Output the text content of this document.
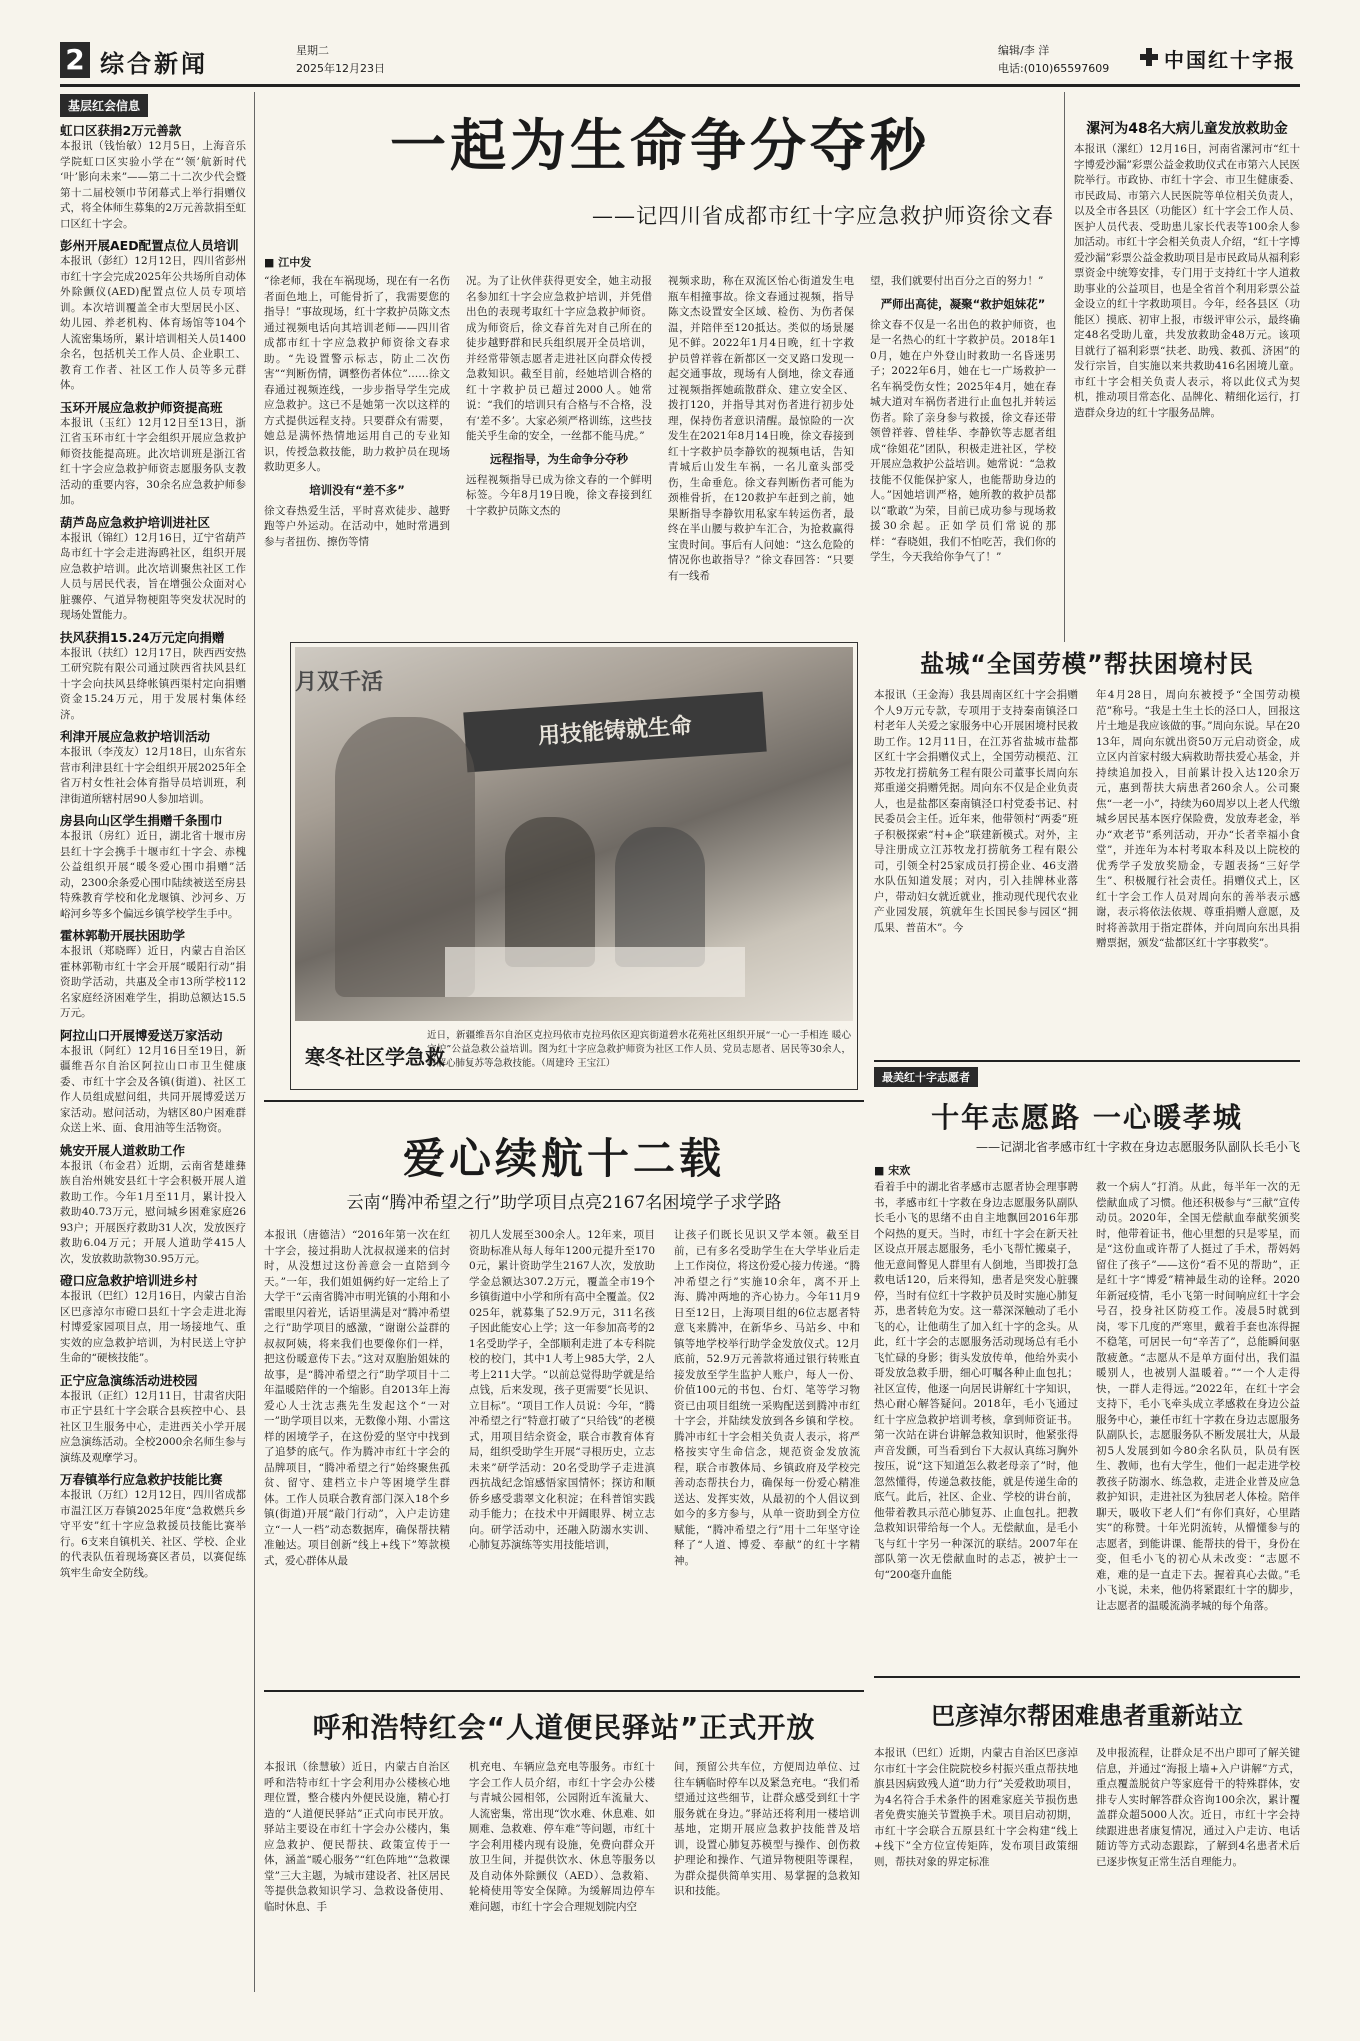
2 综合新闻	星期二
2025年12月23日
编辑/李 洋
电话:(010)65597609	中国红十字报
基层红会信息
虹口区获捐2万元善款
本报讯（钱怡敏）12月5日，上海音乐学院虹口区实验小学在“‘领’航新时代 ‘叶’影向未来”——第二十二次少代会暨第十二届校领巾节闭幕式上举行捐赠仪式，将全体师生募集的2万元善款捐至虹口区红十字会。
彭州开展AED配置点位人员培训
本报讯（彭红）12月12日，四川省彭州市红十字会完成2025年公共场所自动体外除颤仪(AED)配置点位人员专项培训。本次培训覆盖全市大型居民小区、幼儿园、养老机构、体育场馆等104个人流密集场所，累计培训相关人员1400余名，包括机关工作人员、企业职工、教育工作者、社区工作人员等多元群体。
玉环开展应急救护师资提高班
本报讯（玉红）12月12日至13日，浙江省玉环市红十字会组织开展应急救护师资技能提高班。此次培训班是浙江省红十字会应急救护师资志愿服务队支教活动的重要内容，30余名应急救护师参加。
葫芦岛应急救护培训进社区
本报讯（锦红）12月16日，辽宁省葫芦岛市红十字会走进海鸥社区，组织开展应急救护培训。此次培训聚焦社区工作人员与居民代表，旨在增强公众面对心脏骤停、气道异物梗阻等突发状况时的现场处置能力。
扶风获捐15.24万元定向捐赠
本报讯（扶红）12月17日，陕西西安热工研究院有限公司通过陕西省扶风县红十字会向扶风县绛帐镇西渠村定向捐赠资金15.24万元，用于发展村集体经济。
利津开展应急救护培训活动
本报讯（李茂友）12月18日，山东省东营市利津县红十字会组织开展2025年全省万村女性社会体育指导员培训班，利津街道所辖村居90人参加培训。
房县向山区学生捐赠千条围巾
本报讯（房红）近日，湖北省十堰市房县红十字会携手十堰市红十字会、赤槐公益组织开展“暖冬爱心围巾捐赠”活动，2300余条爱心围巾陆续被送至房县特殊教育学校和化龙堰镇、沙河乡、万峪河乡等多个偏远乡镇学校学生手中。
霍林郭勒开展扶困助学
本报讯（郑晓晖）近日，内蒙古自治区霍林郭勒市红十字会开展“暖阳行动”捐资助学活动，共惠及全市13所学校112名家庭经济困难学生，捐助总额达15.5万元。
阿拉山口开展博爱送万家活动
本报讯（阿红）12月16日至19日，新疆维吾尔自治区阿拉山口市卫生健康委、市红十字会及各镇(街道)、社区工作人员组成慰问组，共同开展博爱送万家活动。慰问活动，为辖区80户困难群众送上米、面、食用油等生活物资。
姚安开展人道救助工作
本报讯（布金君）近期，云南省楚雄彝族自治州姚安县红十字会积极开展人道救助工作。今年1月至11月，累计投入救助40.73万元，慰问城乡困难家庭2693户；开展医疗救助31人次，发放医疗救助6.04万元；开展人道助学415人次，发放救助款物30.95万元。
磴口应急救护培训进乡村
本报讯（巴红）12月16日，内蒙古自治区巴彦淖尔市磴口县红十字会走进北海村博爱家园项目点，用一场接地气、重实效的应急救护培训，为村民送上守护生命的“硬核技能”。
正宁应急演练活动进校园
本报讯（正红）12月11日，甘肃省庆阳市正宁县红十字会联合县疾控中心、县社区卫生服务中心，走进西关小学开展应急演练活动。全校2000余名师生参与演练及观摩学习。
万春镇举行应急救护技能比赛
本报讯（万红）12月12日，四川省成都市温江区万春镇2025年度“急救燃兵乡守平安”红十字应急救援员技能比赛举行。6支来自镇机关、社区、学校、企业的代表队伍着现场赛区者员，以赛促练筑牢生命安全防线。
一起为生命争分夺秒
——记四川省成都市红十字应急救护师资徐文春
■ 江中发
“徐老师，我在车祸现场，现在有一名伤者面色地上，可能骨折了，我需要您的指导！”事故现场，红十字救护员陈文杰通过视频电话向其培训老师——四川省成都市红十字应急救护师资徐文春求助。“先设置警示标志，防止二次伤害”“判断伤情，调整伤者体位”……徐文春通过视频连线，一步步指导学生完成应急救护。这已不是她第一次以这样的方式提供远程支持。只要群众有需要，她总是满怀热情地运用自己的专业知识，传授急救技能，助力救护员在现场救助更多人。
培训没有“差不多”
徐文春热爱生活，平时喜欢徒步、越野跑等户外运动。在活动中，她时常遇到参与者扭伤、擦伤等情
况。为了让伙伴获得更安全，她主动报名参加红十字会应急救护培训，并凭借出色的表现考取红十字应急救护师资。成为师资后，徐文春首先对自己所在的徒步越野群和民兵组织展开全员培训，并经常带领志愿者走进社区向群众传授急救知识。截至目前，经她培训合格的红十字救护员已超过2000人。她常说：“我们的培训只有合格与不合格，没有‘差不多’。大家必须严格训练，这些技能关乎生命的安全，一丝都不能马虎。”
远程指导，为生命争分夺秒
远程视频指导已成为徐文春的一个鲜明标签。今年8月19日晚，徐文春接到红十字救护员陈文杰的
视频求助，称在双流区怡心街道发生电瓶车相撞事故。徐文春通过视频，指导陈文杰设置安全区域、检伤、为伤者保温，并陪伴至120抵达。类似的场景屡见不鲜。2022年1月4日晚，红十字救护员曾祥蓉在新都区一交叉路口发现一起交通事故，现场有人倒地，徐文春通过视频指挥她疏散群众、建立安全区、拨打120，并指导其对伤者进行初步处理，保持伤者意识清醒。最惊险的一次发生在2021年8月14日晚，徐文春接到红十字救护员李静钦的视频电话，告知青城后山发生车祸，一名儿童头部受伤，生命垂危。徐文春判断伤者可能为颈椎骨折，在120救护车赶到之前，她果断指导李静钦用私家车转运伤者，最终在半山腰与救护车汇合，为抢救赢得宝贵时间。事后有人问她：“这么危险的情况你也敢指导？”徐文春回答：“只要有一线希
望，我们就要付出百分之百的努力！”
严师出高徒，凝聚“救护姐妹花”
徐文春不仅是一名出色的救护师资，也是一名热心的红十字救护员。2018年10月，她在户外登山时救助一名昏迷男子；2022年6月，她在七一广场救护一名车祸受伤女性；2025年4月，她在春城大道对车祸伤者进行止血包扎并转运伤者。除了亲身参与救援，徐文春还带领曾祥蓉、曾桂华、李静钦等志愿者组成“徐姐花”团队，积极走进社区，学校开展应急救护公益培训。她常说：“急救技能不仅能保护家人，也能帮助身边的人。”因她培训严格，她所教的救护员都以“歌敢”为荣，目前已成功参与现场救援30余起。正如学员们常说的那样：“春晓姐，我们不怕吃苦，我们你的学生，今天我给你争气了！”
漯河为48名大病儿童发放救助金
本报讯（漯红）12月16日，河南省漯河市“红十字博爱沙漏”彩票公益金救助仪式在市第六人民医院举行。市政协、市红十字会、市卫生健康委、市民政局、市第六人民医院等单位相关负责人，以及全市各县区（功能区）红十字会工作人员、医护人员代表、受助患儿家长代表等100余人参加活动。市红十字会相关负责人介绍，“红十字博爱沙漏”彩票公益金救助项目是市民政局从福利彩票资金中统筹安排，专门用于支持红十字人道救助事业的公益项目，也是全省首个利用彩票公益金设立的红十字救助项目。今年，经各县区（功能区）摸底、初审上报，市级评审公示，最终确定48名受助儿童，共发放救助金48万元。该项目就行了福利彩票“扶老、助残、救孤、济困”的发行宗旨，自实施以来共救助416名困境儿童。市红十字会相关负责人表示，将以此仪式为契机，推动项目常态化、品牌化、精细化运行，打造群众身边的红十字服务品牌。
用技能铸就生命
月双千活
寒冬社区学急救
近日，新疆维吾尔自治区克拉玛依市克拉玛依区迎宾街道碧水花苑社区组织开展“一心一手相连 暖心守护”公益急救公益培训。图为红十字应急救护师资为社区工作人员、党员志愿者、居民等30余人，讲解心肺复苏等急救技能。（周建玲 王宝江）
盐城“全国劳模”帮扶困境村民
本报讯（王金海）我县周南区红十字会捐赠个人9万元专款，专项用于支持秦南镇泾口村老年人关爱之家服务中心开展困境村民救助工作。12月11日，在江苏省盐城市盐都区红十字会捐赠仪式上，全国劳动模范、江苏牧龙打捞航务工程有限公司董事长周向东郑重递交捐赠凭据。周向东不仅是企业负责人，也是盐都区秦南镇泾口村党委书记、村民委员会主任。近年来，他带领村“两委”班子积极探索“村+企”联建新模式。对外，主导注册成立江苏牧龙打捞航务工程有限公司，引领全村25家成员打捞企业、46支潜水队伍知道发展；对内，引入挂牌林业落户，带动妇女就近就业，推动现代现代农业产业园发展，筑就年生长国民参与园区“拥瓜果、普苗木”。今
年4月28日，周向东被授予“全国劳动模范”称号。“我是土生土长的泾口人，回报这片土地是我应该做的事。”周向东说。早在2013年，周向东就出资50万元启动资金，成立区内首家村级大病救助帮扶爱心基金，并持续追加投入，目前累计投入达120余万元，惠到帮扶大病患者260余人。公司聚焦“一老一小”，持续为60周岁以上老人代缴城乡居民基本医疗保险费，发放寿老金，举办“欢老节”系列活动，开办“长者幸福小食堂”，并连年为本村考取本科及以上院校的优秀学子发放奖励金，专题表扬“三好学生”、积极履行社会责任。捐赠仪式上，区红十字会工作人员对周向东的善举表示感谢，表示将依法依规、尊重捐赠人意愿，及时将善款用于指定群体，并向周向东出具捐赠票据，颁发“盐都区红十字事救奖”。
最美红十字志愿者
十年志愿路 一心暖孝城
——记湖北省孝感市红十字救在身边志愿服务队副队长毛小飞
■ 宋欢
看着手中的湖北省孝感市志愿者协会理事聘书，孝感市红十字救在身边志愿服务队副队长毛小飞的思绪不由自主地飘回2016年那个闷热的夏天。当时，市红十字会在新天社区设点开展志愿服务，毛小飞帮忙搬桌子，他无意间瞥见人群里有人倒地，当即拨打急救电话120，后来得知，患者是突发心脏骤停，当时有位红十字救护员及时实施心肺复苏，患者转危为安。这一幕深深触动了毛小飞的心，让他萌生了加入红十字的念头。从此，红十字会的志愿服务活动现场总有毛小飞忙碌的身影；街头发放传单，他给外卖小哥发放急救手册，细心叮嘱各种止血包扎；社区宣传，他逐一向居民讲解红十字知识，热心耐心解答疑问。2018年，毛小飞通过红十字应急救护培训考核，拿到师资证书。第一次站在讲台讲解急救知识时，他紧张得声音发颤，可当看到台下大叔认真练习胸外按压，说“这下知道怎么救老母亲了”时，他忽然懂得，传递急救技能，就是传递生命的底气。此后，社区、企业、学校的讲台前，他带着教具示范心肺复苏、止血包扎。把教急救知识带给每一个人。无偿献血，是毛小飞与红十字另一种深沉的联结。2007年在部队第一次无偿献血时的忐忑，被护士一句“200毫升血能
救一个病人”打消。从此，每半年一次的无偿献血成了习惯。他还积极参与“三献”宣传动员。2020年，全国无偿献血奉献奖颁奖时，他带着证书，他心里想的只是零星，而是“这份血或许帮了人挺过了手术，帮妈妈留住了孩子”——这份“看不见的帮助”，正是红十字“博爱”精神最生动的诠释。2020年新冠疫情，毛小飞第一时间响应红十字会号召，投身社区防疫工作。凌晨5时就到岗，零下几度的严寒里，戴着手套也冻得握不稳笔，可居民一句“辛苦了”，总能瞬间驱散疲惫。“志愿从不是单方面付出，我们温暖别人，也被别人温暖着。”“一个人走得快，一群人走得远。”2022年，在红十字会支持下，毛小飞牵头成立孝感救在身边公益服务中心，兼任市红十字救在身边志愿服务队副队长，志愿服务队不断发展壮大，从最初5人发展到如今80余名队员，队员有医生、教师，也有大学生，他们一起走进学校教孩子防溺水、练急救，走进企业普及应急救护知识，走进社区为独居老人体检。陪伴聊天，吸收下老人们“有你们真好，心里踏实”的称赞。十年光阴流转，从懵懂参与的志愿者，到能讲课、能帮扶的骨干，身份在变，但毛小飞的初心从未改变：“志愿不难，难的是一直走下去。握着真心去做。”毛小飞说，未来，他仍将紧跟红十字的脚步，让志愿者的温暖流淌孝城的每个角落。
爱心续航十二载
云南“腾冲希望之行”助学项目点亮2167名困境学子求学路
本报讯（唐德洁）“2016年第一次在红十字会，接过捐助人沈叔叔递来的信封时，从没想过这份善意会一直陪到今天。”一年，我们姐姐俩约好一定给上了大学干“云南省腾冲市明光镇的小翔和小雷眼里闪着光，话语里满是对“腾冲希望之行”助学项目的感激，“谢谢公益群的叔叔阿姨，将来我们也要像你们一样，把这份暖意传下去。”这对双胞胎姐妹的故事，是“腾冲希望之行”助学项目十二年温暖陪伴的一个缩影。自2013年上海爱心人士沈志燕先生发起这个“一对一”助学项目以来，无数像小翔、小雷这样的困境学子，在这份爱的坚守中找到了追梦的底气。作为腾冲市红十字会的品牌项目，“腾冲希望之行”始终聚焦孤贫、留守、建档立卡户等困境学生群体。工作人员联合教育部门深入18个乡镇(街道)开展“敲门行动”，入户走访建立“一人一档”动态数据库，确保帮扶精准触达。项目创新“线上+线下”筹款模式，爱心群体从最
初几人发展至300余人。12年来，项目资助标准从每人每年1200元提升至1700元，累计资助学生2167人次，发放助学金总额达307.2万元，覆盖全市19个乡镇街道中小学和所有高中全覆盖。仅2025年，就募集了52.9万元，311名孩子因此能安心上学；这一年参加高考的21名受助学子，全部顺利走进了本专科院校的校门，其中1人考上985大学，2人考上211大学。“以前总觉得助学就是给点钱，后来发现，孩子更需要”长见识、立目标”。“项目工作人员说：今年，“腾冲希望之行”特意打破了“只给钱”的老模式，用项目结余资金，联合市教育体育局，组织受助学生开展“寻根历史，立志未来”研学活动：20名受助学子走进滇西抗战纪念馆感悟家国情怀；探访和顺侨乡感受翡翠文化积淀；在科普馆实践动手能力；在技术中开阔眼界、树立志向。研学活动中，还融入防溺水实训、心肺复苏演练等实用技能培训，
让孩子们既长见识又学本领。截至目前，已有多名受助学生在大学毕业后走上工作岗位，将这份爱心接力传递。“腾冲希望之行”实施10余年，离不开上海、腾冲两地的齐心协力。今年11月9日至12日，上海项目组的6位志愿者特意飞来腾冲，在新华乡、马站乡、中和镇等地学校举行助学金发放仪式。12月底前，52.9万元善款将通过银行转账直接发放至学生监护人账户，每人一份、价值100元的书包、台灯、笔等学习物资已由项目组统一采购配送到腾冲市红十字会，并陆续发放到各乡镇和学校。腾冲市红十字会相关负责人表示，将严格按实守生命信念，规范资金发放流程，联合市教体局、乡镇政府及学校完善动态帮扶台力，确保每一份爱心精准送达、发挥实效，从最初的个人倡议到如今的多方参与，从单一资助到全方位赋能，“腾冲希望之行”用十二年坚守诠释了“人道、博爱、奉献”的红十字精神。
呼和浩特红会“人道便民驿站”正式开放
本报讯（徐慧敏）近日，内蒙古自治区呼和浩特市红十字会利用办公楼核心地理位置，整合楼内外便民设施，精心打造的“人道便民驿站”正式向市民开放。驿站主要设在市红十字会办公楼内，集应急救护、便民帮扶、政策宣传于一体，涵盖“暖心服务”“红色阵地”“急救课堂”三大主题，为城市建设者、社区居民等提供急救知识学习、急救设备使用、临时休息、手
机充电、车辆应急充电等服务。市红十字会工作人员介绍，市红十字会办公楼与青城公园相邻，公园附近车流量大、人流密集，常出现“饮水难、休息难、如厕难、急救难、停车难”等问题，市红十字会利用楼内现有设施，免费向群众开放卫生间，并提供饮水、休息等服务以及自动体外除颤仪（AED）、急救箱、轮椅使用等安全保障。为缓解周边停车难问题，市红十字会合理规划院内空
间，预留公共车位，方便周边单位、过往车辆临时停车以及紧急充电。“我们希望通过这些细节，让群众感受到红十字服务就在身边。”驿站还将利用一楼培训基地，定期开展应急救护技能普及培训，设置心肺复苏模型与操作、创伤救护理论和操作、气道异物梗阻等课程，为群众提供简单实用、易掌握的急救知识和技能。
巴彦淖尔帮困难患者重新站立
本报讯（巴红）近期，内蒙古自治区巴彦淖尔市红十字会住院院校乡村振兴重点帮扶地旗县因病致残人道“助力行”关爱救助项目，为4名符合手术条件的困难家庭关节损伤患者免费实施关节置换手术。项目启动初期，市红十字会联合五原县红十字会构建“线上+线下”全方位宣传矩阵，发布项目政策细则，帮扶对象的界定标准
及申报流程，让群众足不出户即可了解关键信息，并通过“海报上墙+入户讲解”方式，重点覆盖脱贫户等家庭骨干的特殊群体，安排专人实时解答群众咨询100余次，累计覆盖群众超5000人次。近日，市红十字会持续跟进患者康复情况，通过入户走访、电话随访等方式动态跟踪，了解到4名患者术后已逐步恢复正常生活自理能力。
